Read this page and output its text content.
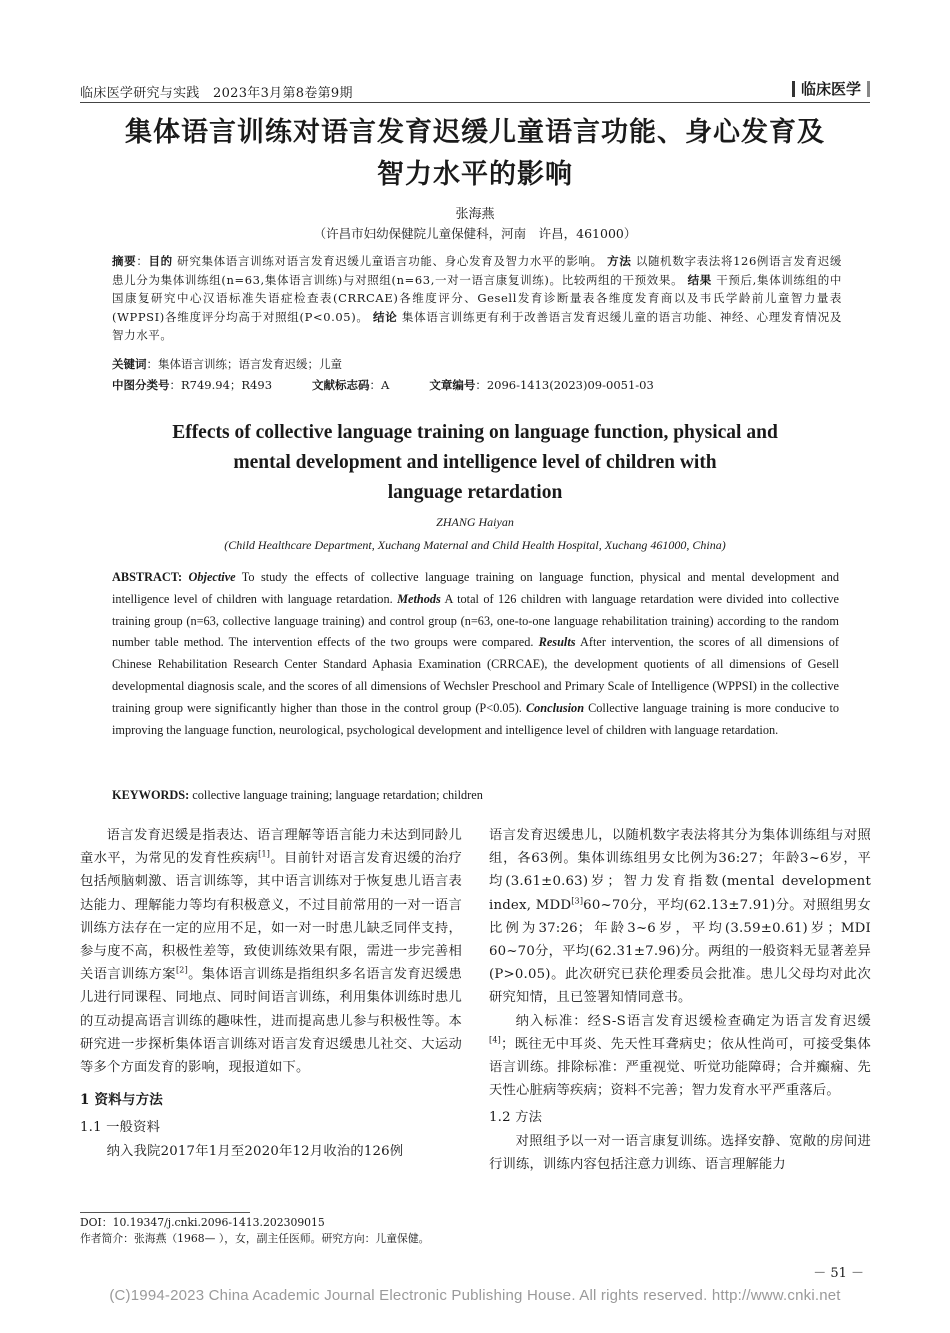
临床医学研究与实践　2023年3月第8卷第9期	临床医学
集体语言训练对语言发育迟缓儿童语言功能、身心发育及
智力水平的影响
张海燕
（许昌市妇幼保健院儿童保健科，河南　许昌，461000）
摘要：目的 研究集体语言训练对语言发育迟缓儿童语言功能、身心发育及智力水平的影响。 方法 以随机数字表法将126例语言发育迟缓患儿分为集体训练组(n=63,集体语言训练)与对照组(n=63,一对一语言康复训练)。比较两组的干预效果。 结果 干预后,集体训练组的中国康复研究中心汉语标准失语症检查表(CRRCAE)各维度评分、Gesell发育诊断量表各维度发育商以及韦氏学龄前儿童智力量表(WPPSI)各维度评分均高于对照组(P<0.05)。 结论 集体语言训练更有利于改善语言发育迟缓儿童的语言功能、神经、心理发育情况及智力水平。
关键词：集体语言训练；语言发育迟缓；儿童
中图分类号：R749.94；R493	文献标志码：A	文章编号：2096-1413(2023)09-0051-03
Effects of collective language training on language function, physical and
mental development and intelligence level of children with
language retardation
ZHANG Haiyan
(Child Healthcare Department, Xuchang Maternal and Child Health Hospital, Xuchang 461000, China)
ABSTRACT: Objective To study the effects of collective language training on language function, physical and mental development and intelligence level of children with language retardation. Methods A total of 126 children with language retardation were divided into collective training group (n=63, collective language training) and control group (n=63, one-to-one language rehabilitation training) according to the random number table method. The intervention effects of the two groups were compared. Results After intervention, the scores of all dimensions of Chinese Rehabilitation Research Center Standard Aphasia Examination (CRRCAE), the development quotients of all dimensions of Gesell developmental diagnosis scale, and the scores of all dimensions of Wechsler Preschool and Primary Scale of Intelligence (WPPSI) in the collective training group were significantly higher than those in the control group (P<0.05). Conclusion Collective language training is more conducive to improving the language function, neurological, psychological development and intelligence level of children with language retardation.
KEYWORDS: collective language training; language retardation; children

语言发育迟缓是指表达、语言理解等语言能力未达到同龄儿童水平，为常见的发育性疾病[1]。目前针对语言发育迟缓的治疗包括颅脑刺激、语言训练等，其中语言训练对于恢复患儿语言表达能力、理解能力等均有积极意义，不过目前常用的一对一语言训练方法存在一定的应用不足，如一对一时患儿缺乏同伴支持，参与度不高，积极性差等，致使训练效果有限，需进一步完善相关语言训练方案[2]。集体语言训练是指组织多名语言发育迟缓患儿进行同课程、同地点、同时间语言训练，利用集体训练时患儿的互动提高语言训练的趣味性，进而提高患儿参与积极性等。本研究进一步探析集体语言训练对语言发育迟缓患儿社交、大运动等多个方面发育的影响，现报道如下。

1 资料与方法

1.1 一般资料

纳入我院2017年1月至2020年12月收治的126例

语言发育迟缓患儿，以随机数字表法将其分为集体训练组与对照组，各63例。集体训练组男女比例为36:27；年龄3~6岁，平均(3.61±0.63)岁；智力发育指数(mental development index, MDD[3]60~70分，平均(62.13±7.91)分。对照组男女比例为37:26；年龄3~6岁，平均(3.59±0.61)岁；MDI 60~70分，平均(62.31±7.96)分。两组的一般资料无显著差异(P>0.05)。此次研究已获伦理委员会批准。患儿父母均对此次研究知情，且已签署知情同意书。

纳入标准：经S-S语言发育迟缓检查确定为语言发育迟缓[4]；既往无中耳炎、先天性耳聋病史；依从性尚可，可接受集体语言训练。排除标准：严重视觉、听觉功能障碍；合并癫痫、先天性心脏病等疾病；资料不完善；智力发育水平严重落后。

1.2 方法

对照组予以一对一语言康复训练。选择安静、宽敞的房间进行训练，训练内容包括注意力训练、语言理解能力

DOI：10.19347/j.cnki.2096-1413.202309015
作者简介：张海燕（1968— ），女，副主任医师。研究方向：儿童保健。
－ 51 －
(C)1994-2023 China Academic Journal Electronic Publishing House. All rights reserved. http://www.cnki.net
